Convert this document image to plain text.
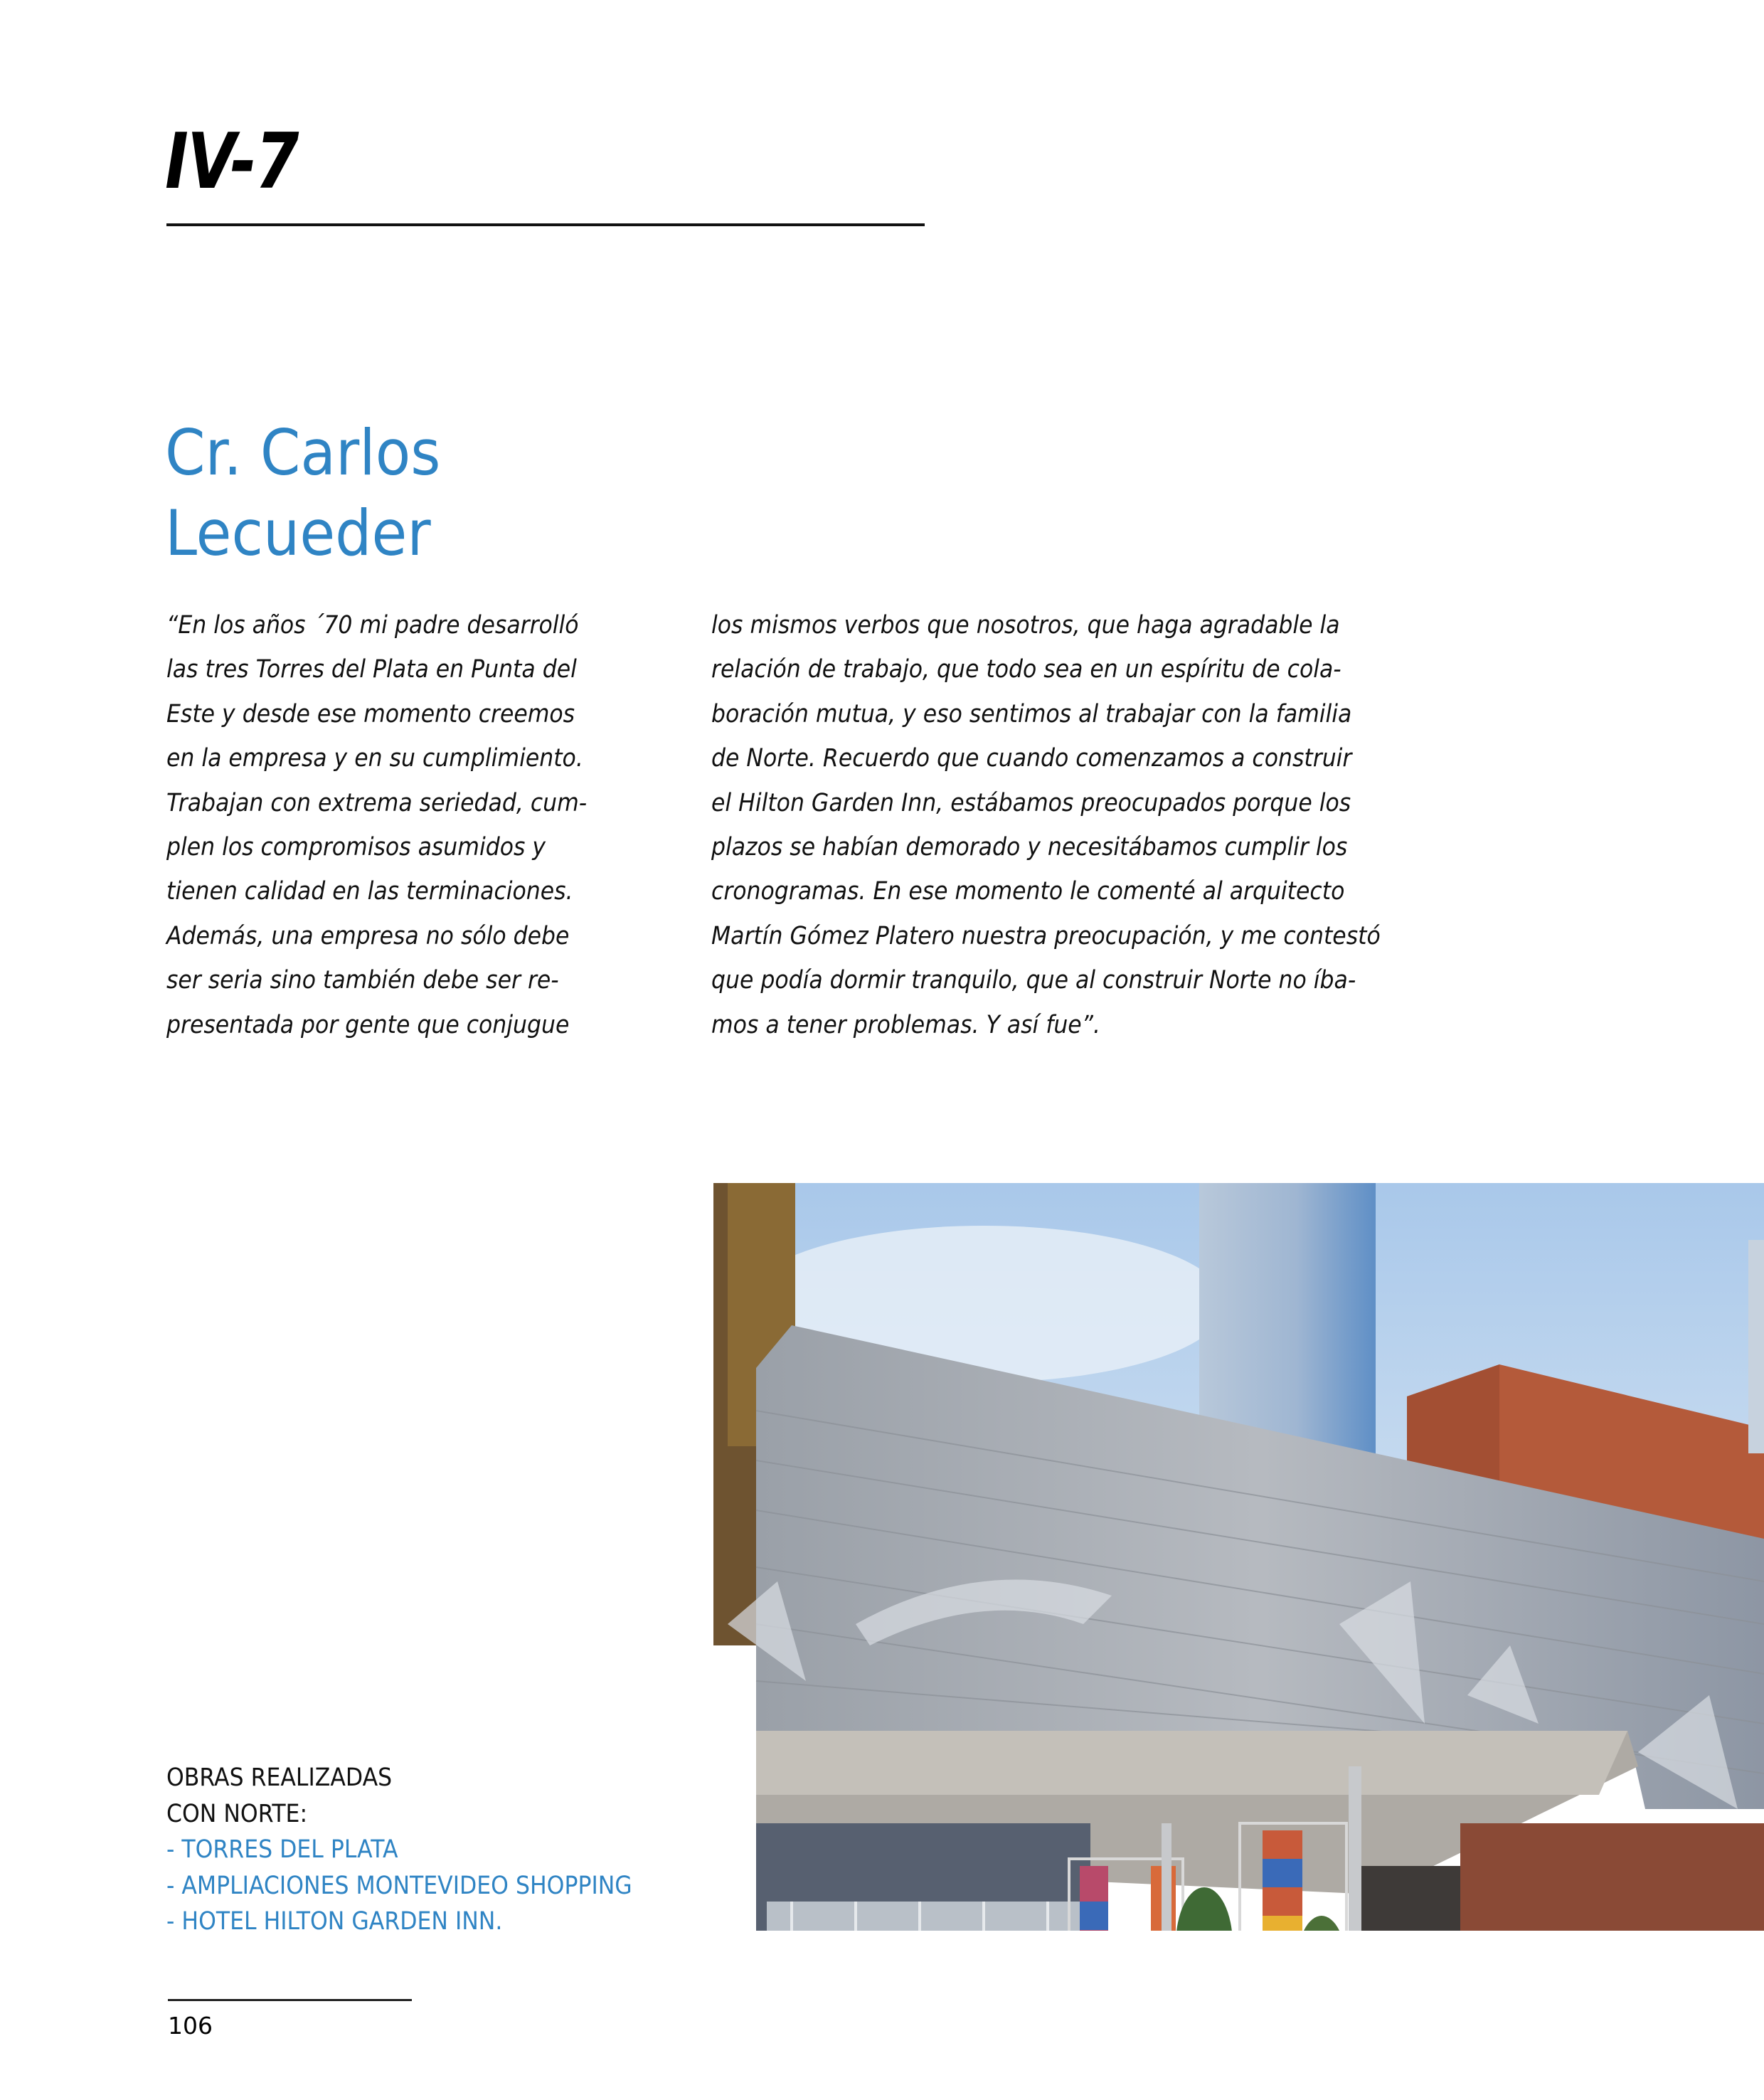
IV-7
Cr. Carlos
Lecueder
“En los años ´70 mi padre desarrolló
las tres Torres del Plata en Punta del
Este y desde ese momento creemos
en la empresa y en su cumplimiento.
Trabajan con extrema seriedad, cum-
plen los compromisos asumidos y
tienen calidad en las terminaciones.
Además, una empresa no sólo debe
ser seria sino también debe ser re-
presentada por gente que conjugue
los mismos verbos que nosotros, que haga agradable la
relación de trabajo, que todo sea en un espíritu de cola-
boración mutua, y eso sentimos al trabajar con la familia
de Norte. Recuerdo que cuando comenzamos a construir
el Hilton Garden Inn, estábamos preocupados porque los
plazos se habían demorado y necesitábamos cumplir los
cronogramas. En ese momento le comenté al arquitecto
Martín Gómez Platero nuestra preocupación, y me contestó
que podía dormir tranquilo, que al construir Norte no íba-
mos a tener problemas. Y así fue”.
OBRAS REALIZADAS
CON NORTE:
- TORRES DEL PLATA
- AMPLIACIONES MONTEVIDEO SHOPPING
- HOTEL HILTON GARDEN INN.
106
